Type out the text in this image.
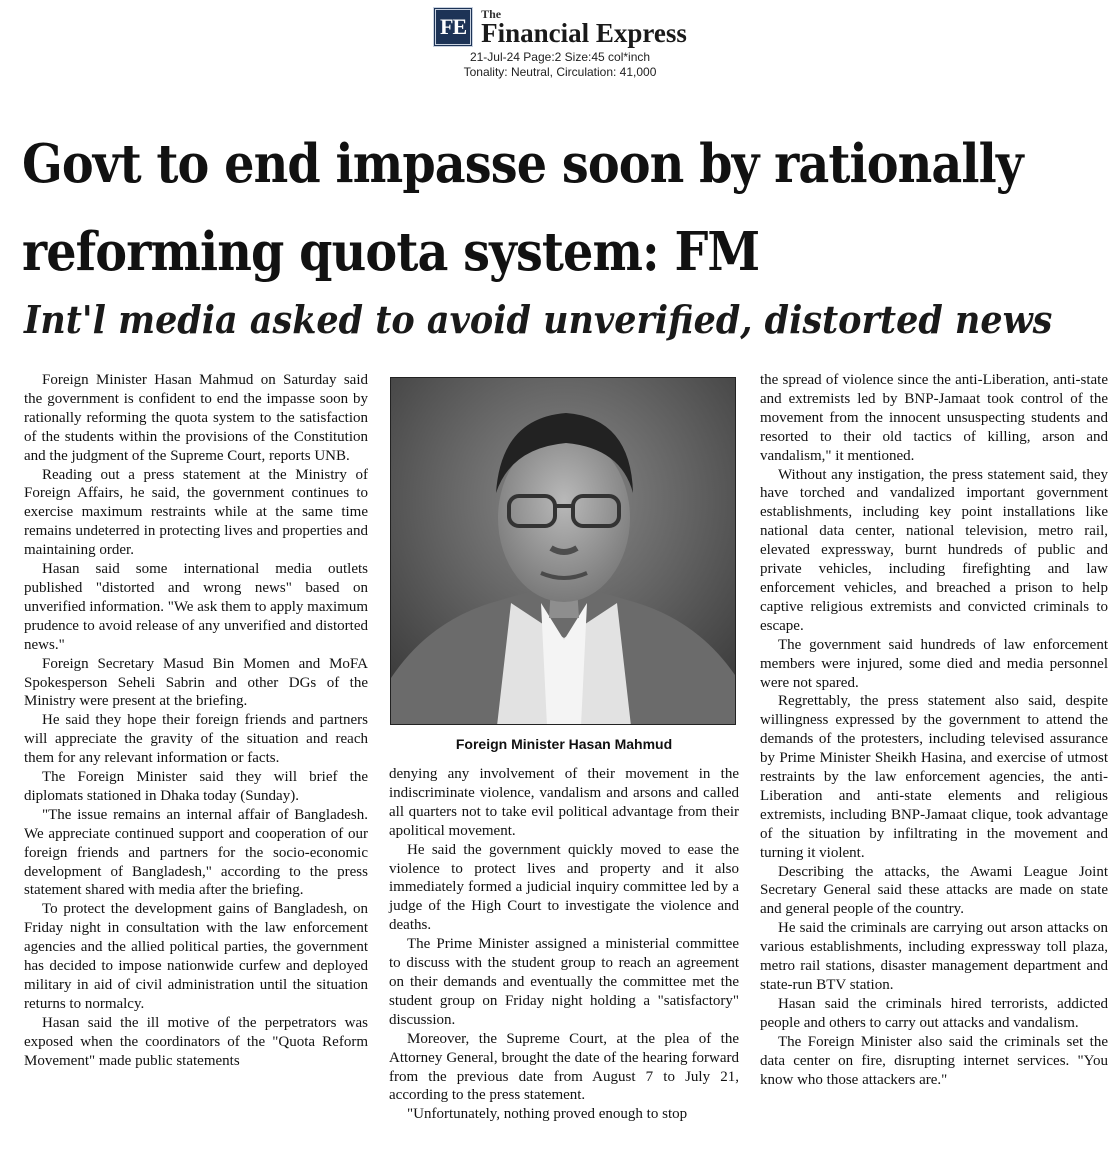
FE
The
Financial Express
21-Jul-24 Page:2 Size:45 col*inch
Tonality: Neutral, Circulation: 41,000
Govt to end impasse soon by rationally
reforming quota system: FM
Int'l media asked to avoid unverified, distorted news

Foreign Minister Hasan Mahmud on Saturday said the government is confident to end the impasse soon by rationally reforming the quota system to the satisfaction of the students within the provisions of the Constitution and the judgment of the Supreme Court, reports UNB.

Reading out a press statement at the Ministry of Foreign Affairs, he said, the government continues to exercise maximum restraints while at the same time remains undeterred in protecting lives and properties and maintaining order.

Hasan said some international media outlets published "distorted and wrong news" based on unverified information. "We ask them to apply maximum prudence to avoid release of any unverified and distorted news."

Foreign Secretary Masud Bin Momen and MoFA Spokesperson Seheli Sabrin and other DGs of the Ministry were present at the briefing.

He said they hope their foreign friends and partners will appreciate the gravity of the situation and reach them for any relevant information or facts.

The Foreign Minister said they will brief the diplomats stationed in Dhaka today (Sunday).

"The issue remains an internal affair of Bangladesh. We appreciate continued support and cooperation of our foreign friends and partners for the socio-economic development of Bangladesh," according to the press statement shared with media after the briefing.

To protect the development gains of Bangladesh, on Friday night in consultation with the law enforcement agencies and the allied political parties, the government has decided to impose nationwide curfew and deployed military in aid of civil administration until the situation returns to normalcy.

Hasan said the ill motive of the perpetrators was exposed when the coordinators of the "Quota Reform Movement" made public statements

Foreign Minister Hasan Mahmud

denying any involvement of their movement in the indiscriminate violence, vandalism and arsons and called all quarters not to take evil political advantage from their apolitical movement.

He said the government quickly moved to ease the violence to protect lives and property and it also immediately formed a judicial inquiry committee led by a judge of the High Court to investigate the violence and deaths.

The Prime Minister assigned a ministerial committee to discuss with the student group to reach an agreement on their demands and eventually the committee met the student group on Friday night holding a "satisfactory" discussion.

Moreover, the Supreme Court, at the plea of the Attorney General, brought the date of the hearing forward from the previous date from August 7 to July 21, according to the press statement.

"Unfortunately, nothing proved enough to stop

the spread of violence since the anti-Liberation, anti-state and extremists led by BNP-Jamaat took control of the movement from the innocent unsuspecting students and resorted to their old tactics of killing, arson and vandalism," it mentioned.

Without any instigation, the press statement said, they have torched and vandalized important government establishments, including key point installations like national data center, national television, metro rail, elevated expressway, burnt hundreds of public and private vehicles, including firefighting and law enforcement vehicles, and breached a prison to help captive religious extremists and convicted criminals to escape.

The government said hundreds of law enforcement members were injured, some died and media personnel were not spared.

Regrettably, the press statement also said, despite willingness expressed by the government to attend the demands of the protesters, including televised assurance by Prime Minister Sheikh Hasina, and exercise of utmost restraints by the law enforcement agencies, the anti-Liberation and anti-state elements and religious extremists, including BNP-Jamaat clique, took advantage of the situation by infiltrating in the movement and turning it violent.

Describing the attacks, the Awami League Joint Secretary General said these attacks are made on state and general people of the country.

He said the criminals are carrying out arson attacks on various establishments, including expressway toll plaza, metro rail stations, disaster management department and state-run BTV station.

Hasan said the criminals hired terrorists, addicted people and others to carry out attacks and vandalism.

The Foreign Minister also said the criminals set the data center on fire, disrupting internet services. "You know who those attackers are."
